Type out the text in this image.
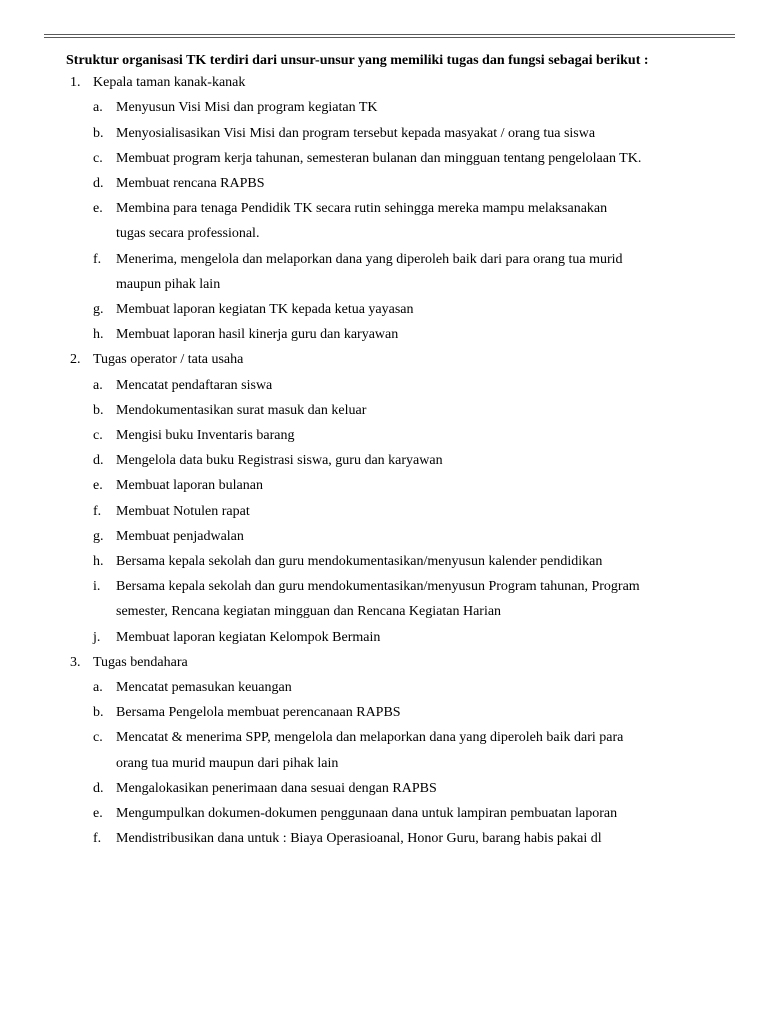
Struktur organisasi TK terdiri dari unsur-unsur yang memiliki tugas dan fungsi sebagai berikut :
1. Kepala taman kanak-kanak
a. Menyusun Visi Misi dan program kegiatan TK
b. Menyosialisasikan Visi Misi dan program tersebut kepada masyakat / orang tua siswa
c. Membuat program kerja tahunan, semesteran bulanan dan mingguan tentang pengelolaan TK.
d. Membuat rencana RAPBS
e. Membina para tenaga Pendidik TK secara rutin sehingga mereka mampu melaksanakan
tugas secara professional.
f. Menerima, mengelola dan melaporkan dana yang diperoleh baik dari para orang tua murid
maupun pihak lain
g. Membuat laporan kegiatan TK kepada ketua yayasan
h. Membuat laporan hasil kinerja guru dan karyawan
2. Tugas operator / tata usaha
a. Mencatat pendaftaran siswa
b. Mendokumentasikan surat masuk dan keluar
c. Mengisi buku Inventaris barang
d. Mengelola data buku Registrasi siswa, guru dan karyawan
e. Membuat laporan bulanan
f. Membuat Notulen rapat
g. Membuat penjadwalan
h. Bersama kepala sekolah dan guru mendokumentasikan/menyusun kalender pendidikan
i. Bersama kepala sekolah dan guru mendokumentasikan/menyusun Program tahunan, Program
semester, Rencana kegiatan mingguan dan Rencana Kegiatan Harian
j. Membuat laporan kegiatan Kelompok Bermain
3. Tugas bendahara
a. Mencatat pemasukan keuangan
b. Bersama Pengelola membuat perencanaan RAPBS
c. Mencatat & menerima SPP, mengelola dan melaporkan dana yang diperoleh baik dari para
orang tua murid maupun dari pihak lain
d. Mengalokasikan penerimaan dana sesuai dengan RAPBS
e. Mengumpulkan dokumen-dokumen penggunaan dana untuk lampiran pembuatan laporan
f. Mendistribusikan dana untuk : Biaya Operasioanal, Honor Guru, barang habis pakai dl
